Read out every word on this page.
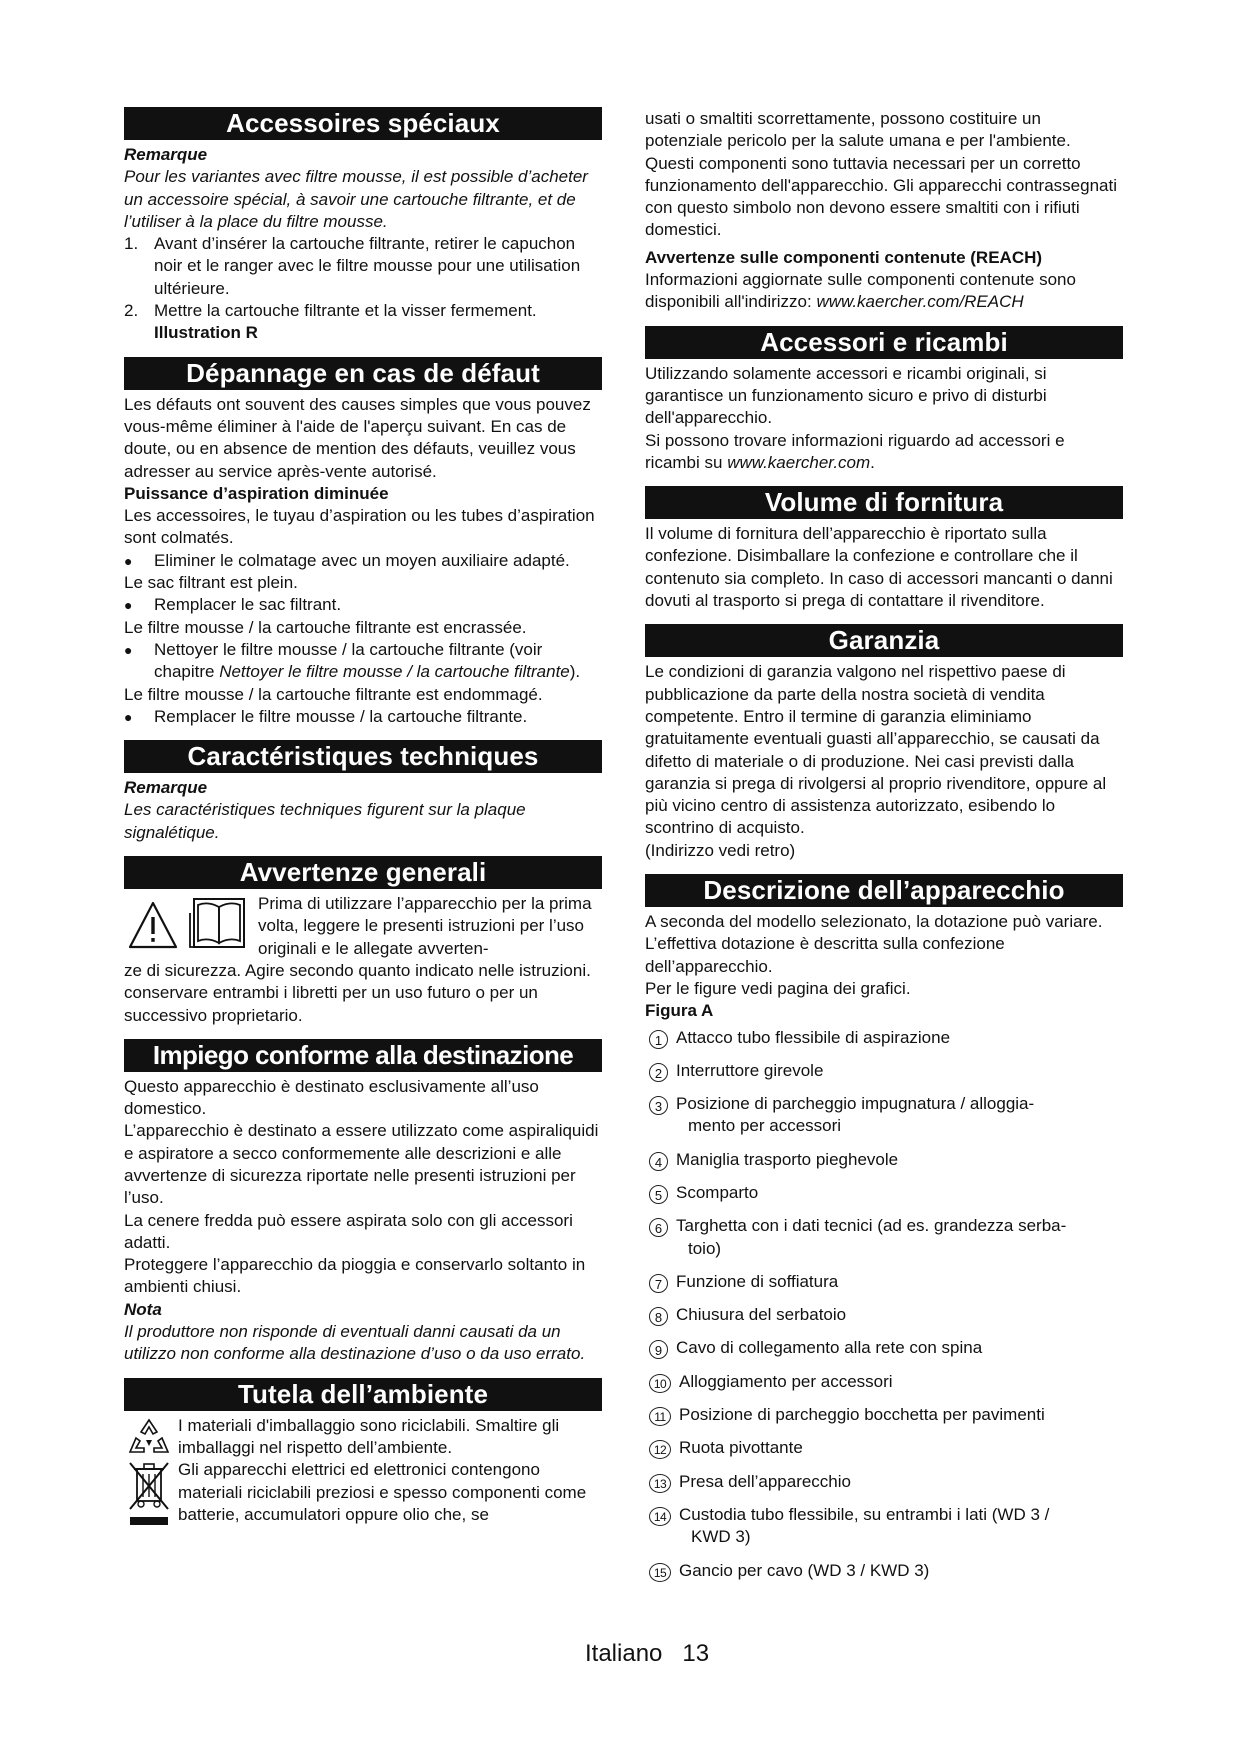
Accessoires spéciaux

Remarque

Pour les variantes avec filtre mousse, il est possible d’acheter un accessoire spécial, à savoir une cartouche filtrante, et de l’utiliser à la place du filtre mousse.

1. Avant d’insérer la cartouche filtrante, retirer le capuchon noir et le ranger avec le filtre mousse pour une utilisation ultérieure.
2. Mettre la cartouche filtrante et la visser fermement.

Illustration R

Dépannage en cas de défaut

Les défauts ont souvent des causes simples que vous pouvez vous-même éliminer à l'aide de l'aperçu suivant. En cas de doute, ou en absence de mention des défauts, veuillez vous adresser au service après-vente autorisé.

Puissance d’aspiration diminuée

Les accessoires, le tuyau d’aspiration ou les tubes d’aspiration sont colmatés.

● Eliminer le colmatage avec un moyen auxiliaire adapté.

Le sac filtrant est plein.

● Remplacer le sac filtrant.

Le filtre mousse / la cartouche filtrante est encrassée.

● Nettoyer le filtre mousse / la cartouche filtrante (voir chapitre Nettoyer le filtre mousse / la cartouche filtrante).

Le filtre mousse / la cartouche filtrante est endommagé.

● Remplacer le filtre mousse / la cartouche filtrante.
Caractéristiques techniques

Remarque

Les caractéristiques techniques figurent sur la plaque signalétique.

Avvertenze generali

Prima di utilizzare l’apparecchio per la prima volta, leggere le presenti istruzioni per l’uso originali e le allegate avverten-

ze di sicurezza. Agire secondo quanto indicato nelle istruzioni.

conservare entrambi i libretti per un uso futuro o per un successivo proprietario.

Impiego conforme alla destinazione

Questo apparecchio è destinato esclusivamente all’uso domestico.

L’apparecchio è destinato a essere utilizzato come aspiraliquidi e aspiratore a secco conformemente alle descrizioni e alle avvertenze di sicurezza riportate nelle presenti istruzioni per l’uso.

La cenere fredda può essere aspirata solo con gli accessori adatti.

Proteggere l’apparecchio da pioggia e conservarlo soltanto in ambienti chiusi.

Nota

Il produttore non risponde di eventuali danni causati da un utilizzo non conforme alla destinazione d’uso o da uso errato.

Tutela dell’ambiente

I materiali d'imballaggio sono riciclabili. Smaltire gli imballaggi nel rispetto dell’ambiente.

Gli apparecchi elettrici ed elettronici contengono materiali riciclabili preziosi e spesso componenti come batterie, accumulatori oppure olio che, se

usati o smaltiti scorrettamente, possono costituire un potenziale pericolo per la salute umana e per l'ambiente. Questi componenti sono tuttavia necessari per un corretto funzionamento dell'apparecchio. Gli apparecchi contrassegnati con questo simbolo non devono essere smaltiti con i rifiuti domestici.

Avvertenze sulle componenti contenute (REACH)

Informazioni aggiornate sulle componenti contenute sono disponibili all'indirizzo: www.kaercher.com/REACH

Accessori e ricambi

Utilizzando solamente accessori e ricambi originali, si garantisce un funzionamento sicuro e privo di disturbi dell'apparecchio.

Si possono trovare informazioni riguardo ad accessori e ricambi su www.kaercher.com.

Volume di fornitura

Il volume di fornitura dell’apparecchio è riportato sulla confezione. Disimballare la confezione e controllare che il contenuto sia completo. In caso di accessori mancanti o danni dovuti al trasporto si prega di contattare il rivenditore.

Garanzia

Le condizioni di garanzia valgono nel rispettivo paese di pubblicazione da parte della nostra società di vendita competente. Entro il termine di garanzia eliminiamo gratuitamente eventuali guasti all’apparecchio, se causati da difetto di materiale o di produzione. Nei casi previsti dalla garanzia si prega di rivolgersi al proprio rivenditore, oppure al più vicino centro di assistenza autorizzato, esibendo lo scontrino di acquisto.

(Indirizzo vedi retro)

Descrizione dell’apparecchio

A seconda del modello selezionato, la dotazione può variare. L’effettiva dotazione è descritta sulla confezione dell’apparecchio.

Per le figure vedi pagina dei grafici.

Figura A

1 Attacco tubo flessibile di aspirazione
2 Interruttore girevole
3 Posizione di parcheggio impugnatura / alloggia-
mento per accessori
4 Maniglia trasporto pieghevole
5 Scomparto
6 Targhetta con i dati tecnici (ad es. grandezza serba-
toio)
7 Funzione di soffiatura
8 Chiusura del serbatoio
9 Cavo di collegamento alla rete con spina
10 Alloggiamento per accessori
11 Posizione di parcheggio bocchetta per pavimenti
12 Ruota pivottante
13 Presa dell’apparecchio
14 Custodia tubo flessibile, su entrambi i lati (WD 3 /
KWD 3)
15 Gancio per cavo (WD 3 / KWD 3)
Italiano 13
